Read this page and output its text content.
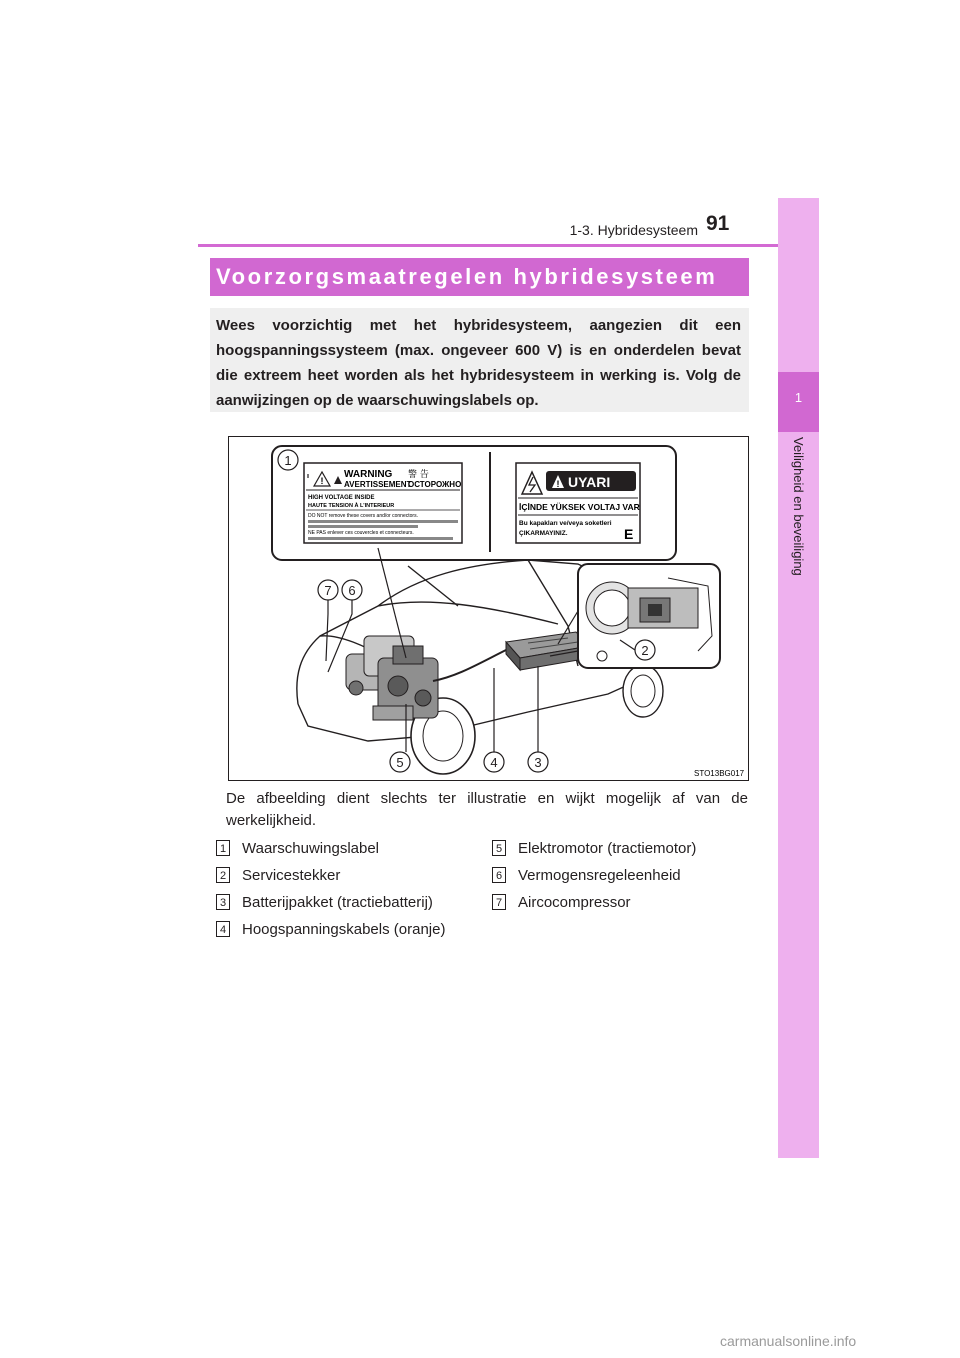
1-3. Hybridesysteem 91
1
Veiligheid en beveiliging
Voorzorgsmaatregelen hybridesysteem
Wees voorzichtig met het hybridesysteem, aangezien dit een hoogspanningssysteem (max. ongeveer 600 V) is en onderdelen bevat die extreem heet worden als het hybridesysteem in werking is. Volg de aanwijzingen op de waarschuwingslabels op.
!
WARNING 警 告
AVERTISSEMENT
OСТОРОЖНО
HIGH VOLTAGE INSIDE
HAUTE TENSION À L'INTERIEUR
DO NOT remove these covers and/or connectors.
NE PAS enlever ces couvercles et connecteurs.
! UYARI
İÇİNDE YÜKSEK VOLTAJ VAR
Bu kapakları ve/veya soketleri
ÇIKARMAYINIZ.	E
1
2
3
4
5
6
7
STO13BG017
De afbeelding dient slechts ter illustratie en wijkt mogelijk af van de werkelijkheid.
1 Waarschuwingslabel
2 Servicestekker
3 Batterijpakket (tractiebatterij)
4 Hoogspanningskabels (oranje)
5 Elektromotor (tractiemotor)
6 Vermogensregeleenheid
7 Aircocompressor
carmanualsonline.info
